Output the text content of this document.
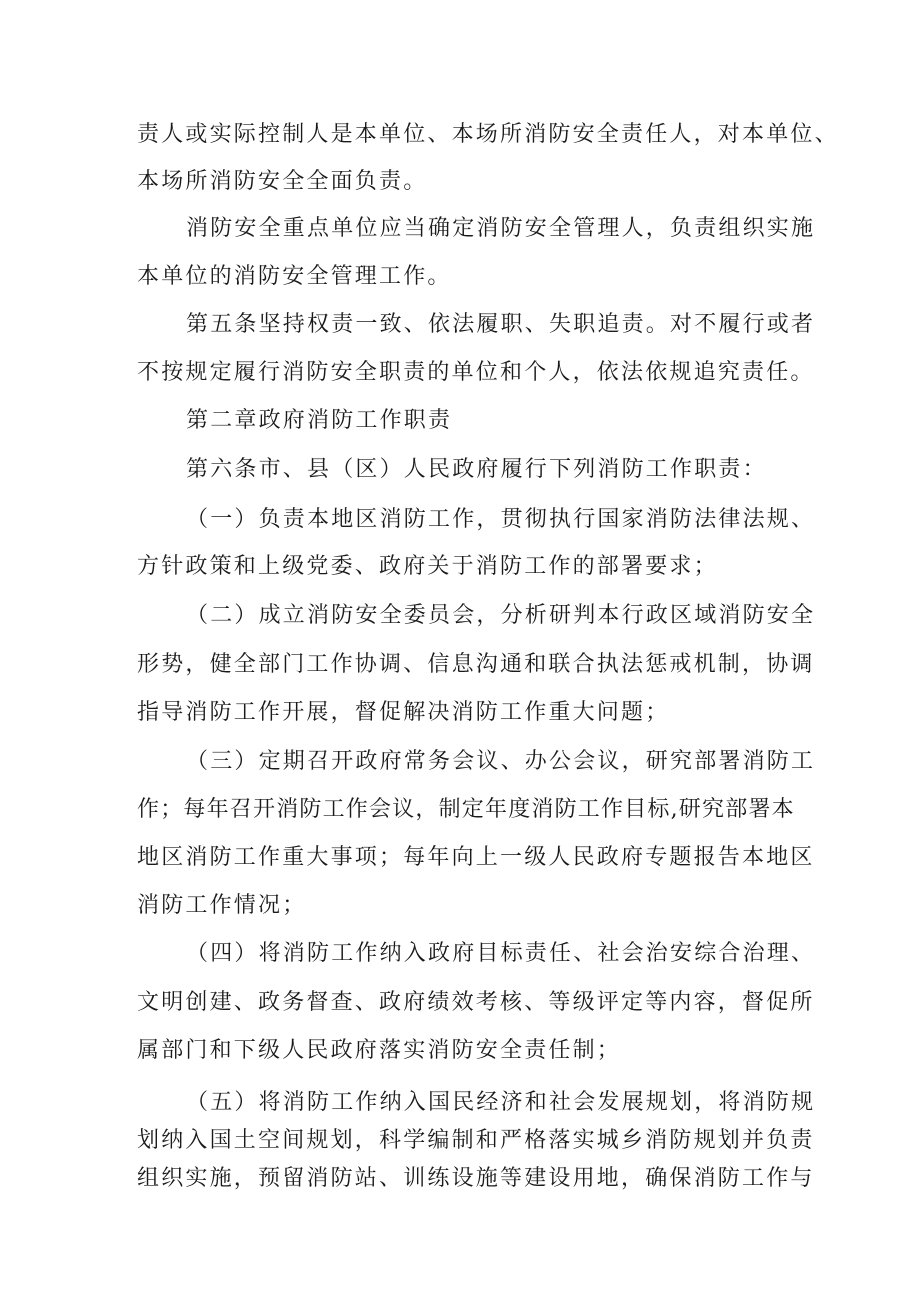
责人或实际控制人是本单位、本场所消防安全责任人，对本单位、
本场所消防安全全面负责。
消防安全重点单位应当确定消防安全管理人，负责组织实施
本单位的消防安全管理工作。
第五条坚持权责一致、依法履职、失职追责。对不履行或者
不按规定履行消防安全职责的单位和个人，依法依规追究责任。
第二章政府消防工作职责
第六条市、县（区）人民政府履行下列消防工作职责：
（一）负责本地区消防工作，贯彻执行国家消防法律法规、
方针政策和上级党委、政府关于消防工作的部署要求；
（二）成立消防安全委员会，分析研判本行政区域消防安全
形势，健全部门工作协调、信息沟通和联合执法惩戒机制，协调
指导消防工作开展，督促解决消防工作重大问题；
（三）定期召开政府常务会议、办公会议，研究部署消防工
作；每年召开消防工作会议，制定年度消防工作目标,研究部署本
地区消防工作重大事项；每年向上一级人民政府专题报告本地区
消防工作情况；
（四）将消防工作纳入政府目标责任、社会治安综合治理、
文明创建、政务督查、政府绩效考核、等级评定等内容，督促所
属部门和下级人民政府落实消防安全责任制；
（五）将消防工作纳入国民经济和社会发展规划，将消防规
划纳入国土空间规划，科学编制和严格落实城乡消防规划并负责
组织实施，预留消防站、训练设施等建设用地，确保消防工作与
